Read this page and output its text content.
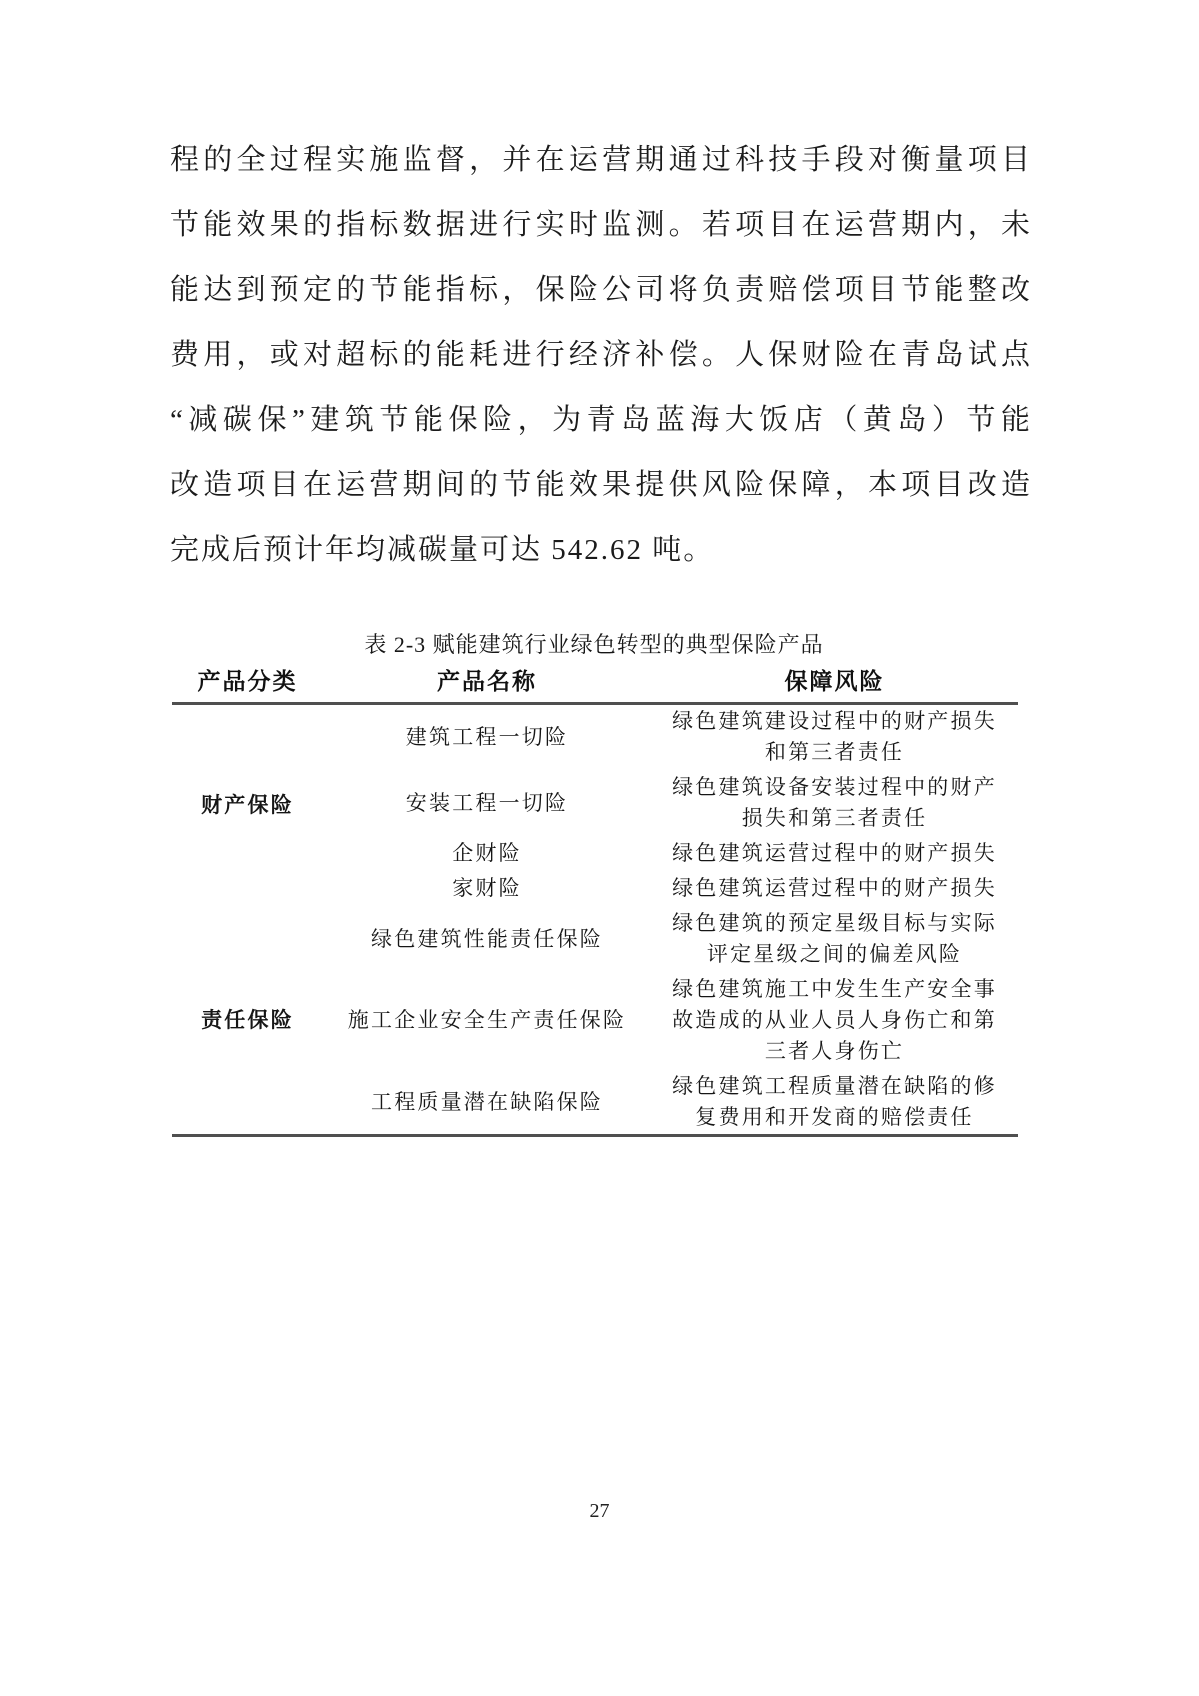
程的全过程实施监督，并在运营期通过科技手段对衡量项目
节能效果的指标数据进行实时监测。若项目在运营期内，未
能达到预定的节能指标，保险公司将负责赔偿项目节能整改
费用，或对超标的能耗进行经济补偿。人保财险在青岛试点
“减碳保”建筑节能保险，为青岛蓝海大饭店（黄岛）节能
改造项目在运营期间的节能效果提供风险保障，本项目改造
完成后预计年均减碳量可达 542.62 吨。
表 2-3 赋能建筑行业绿色转型的典型保险产品
产品分类	产品名称	保障风险
财产保险	建筑工程一切险	绿色建筑建设过程中的财产损失和第三者责任
	安装工程一切险	绿色建筑设备安装过程中的财产损失和第三者责任
	企财险	绿色建筑运营过程中的财产损失
	家财险	绿色建筑运营过程中的财产损失
责任保险	绿色建筑性能责任保险	绿色建筑的预定星级目标与实际评定星级之间的偏差风险
	施工企业安全生产责任保险	绿色建筑施工中发生生产安全事故造成的从业人员人身伤亡和第三者人身伤亡
	工程质量潜在缺陷保险	绿色建筑工程质量潜在缺陷的修复费用和开发商的赔偿责任
27
